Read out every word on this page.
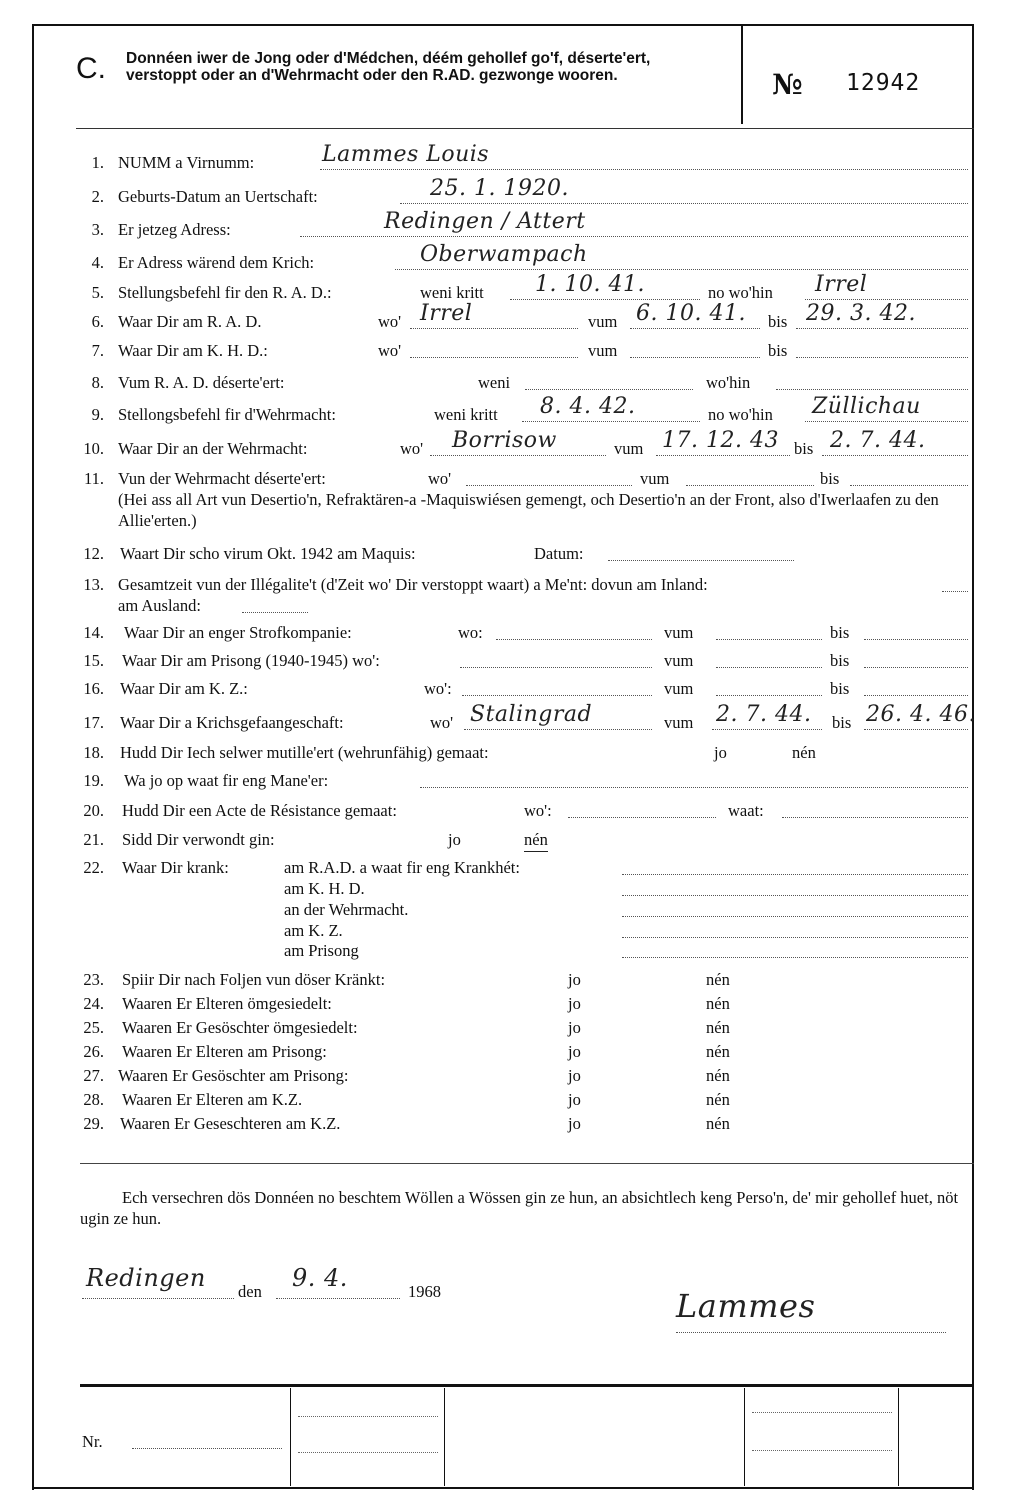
C. Donnéen iwer de Jong oder d'Médchen, déém gehollef go'f, déserte'ert, verstoppt oder an d'Wehrmacht oder den R.AD. gezwonge wooren.	№ 12942
1. NUMM a Virnumm:	Lammes Louis
2. Geburts-Datum an Uertschaft:	25. 1. 1920.
3. Er jetzeg Adress:	Redingen / Attert
4. Er Adress wärend dem Krich:	Oberwampach
5. Stellungsbefehl fir den R. A. D.:	weni kritt 1. 10. 41.	no wo'hin Irrel
6. Waar Dir am R. A. D.	wo' Irrel	vum 6. 10. 41. bis 29. 3. 42.
7. Waar Dir am K. H. D.:	wo'	vum	bis
8. Vum R. A. D. déserte'ert:	weni	wo'hin
9. Stellongsbefehl fir d'Wehrmacht:	weni kritt 8. 4. 42.	no wo'hin Züllichau
10. Waar Dir an der Wehrmacht:	wo' Borrisow	vum 17. 12. 43 bis 2. 7. 44.
11. Vun der Wehrmacht déserte'ert:	wo'	vum	bis
(Hei ass all Art vun Desertio'n, Refraktären-a -Maquiswiésen gemengt, och Desertio'n an der Front, also d'Iwerlaafen zu den Allie'erten.)
12. Waart Dir scho virum Okt. 1942 am Maquis:	Datum:
13. Gesamtzeit vun der Illégalite't (d'Zeit wo' Dir verstoppt waart) a Me'nt: dovun am Inland:
am Ausland:
14. Waar Dir an enger Strofkompanie:	wo:	vum	bis
15. Waar Dir am Prisong (1940-1945) wo':	vum	bis
16. Waar Dir am K. Z.:	wo':	vum	bis
17. Waar Dir a Krichsgefaangeschaft:	wo' Stalingrad	vum 2. 7. 44. bis 26. 4. 46.
18. Hudd Dir Iech selwer mutille'ert (wehrunfähig) gemaat:	jo	nén
19. Wa jo op waat fir eng Mane'er:
20. Hudd Dir een Acte de Résistance gemaat:	wo':	waat:
21. Sidd Dir verwondt gin:	jo	nén
22. Waar Dir krank:	am R.A.D. a waat fir eng Krankhét:
am K. H. D.
an der Wehrmacht.
am K. Z.
am Prisong
23. Spiir Dir nach Foljen vun döser Kränkt:	jo	nén
24. Waaren Er Elteren ömgesiedelt:	jo	nén
25. Waaren Er Gesöschter ömgesiedelt:	jo	nén
26. Waaren Er Elteren am Prisong:	jo	nén
27. Waaren Er Gesöschter am Prisong:	jo	nén
28. Waaren Er Elteren am K.Z.	jo	nén
29. Waaren Er Geseschteren am K.Z.	jo	nén
Ech versechren dös Donnéen no beschtem Wöllen a Wössen gin ze hun, an absichtlech keng Perso'n, de' mir gehollef huet, nöt ugin ze hun.
Redingen den 9. 4.	1968	Lammes
Nr.
